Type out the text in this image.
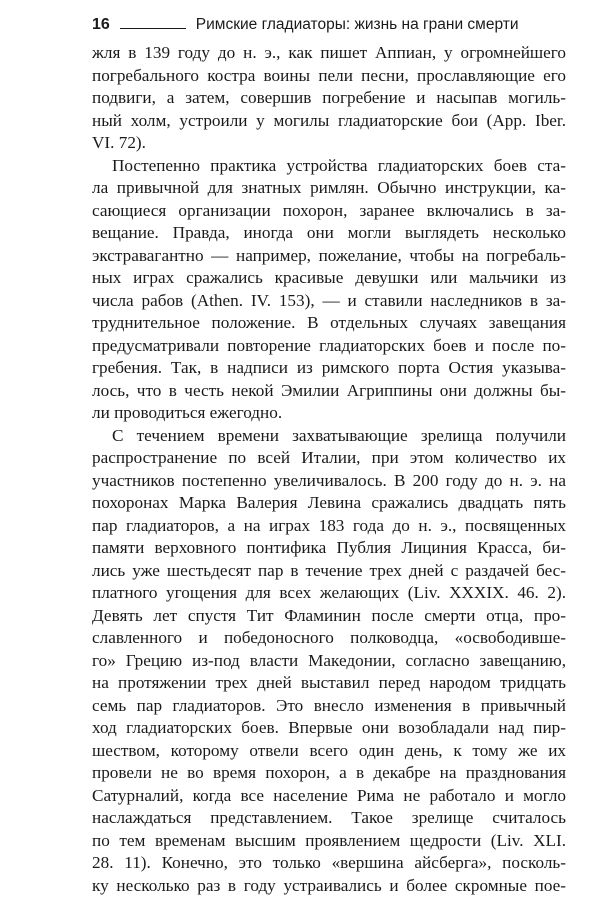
16	Римские гладиаторы: жизнь на грани смерти
жля в 139 году до н. э., как пишет Аппиан, у огромнейшего
погребального костра воины пели песни, прославляющие его
подвиги, а затем, совершив погребение и насыпав могиль-
ный холм, устроили у могилы гладиаторские бои (App. Iber.
VI. 72).
Постепенно практика устройства гладиаторских боев ста-
ла привычной для знатных римлян. Обычно инструкции, ка-
сающиеся организации похорон, заранее включались в за-
вещание. Правда, иногда они могли выглядеть несколько
экстравагантно — например, пожелание, чтобы на погребаль-
ных играх сражались красивые девушки или мальчики из
числа рабов (Athen. IV. 153), — и ставили наследников в за-
труднительное положение. В отдельных случаях завещания
предусматривали повторение гладиаторских боев и после по-
гребения. Так, в надписи из римского порта Остия указыва-
лось, что в честь некой Эмилии Агриппины они должны бы-
ли проводиться ежегодно.
С течением времени захватывающие зрелища получили
распространение по всей Италии, при этом количество их
участников постепенно увеличивалось. В 200 году до н. э. на
похоронах Марка Валерия Левина сражались двадцать пять
пар гладиаторов, а на играх 183 года до н. э., посвященных
памяти верховного понтифика Публия Лициния Красса, би-
лись уже шестьдесят пар в течение трех дней с раздачей бес-
платного угощения для всех желающих (Liv. XXXIX. 46. 2).
Девять лет спустя Тит Фламинин после смерти отца, про-
славленного и победоносного полководца, «освободивше-
го» Грецию из-под власти Македонии, согласно завещанию,
на протяжении трех дней выставил перед народом тридцать
семь пар гладиаторов. Это внесло изменения в привычный
ход гладиаторских боев. Впервые они возобладали над пир-
шеством, которому отвели всего один день, к тому же их
провели не во время похорон, а в декабре на празднования
Сатурналий, когда все население Рима не работало и могло
наслаждаться представлением. Такое зрелище считалось
по тем временам высшим проявлением щедрости (Liv. XLI.
28. 11). Конечно, это только «вершина айсберга», посколь-
ку несколько раз в году устраивались и более скромные пое-
